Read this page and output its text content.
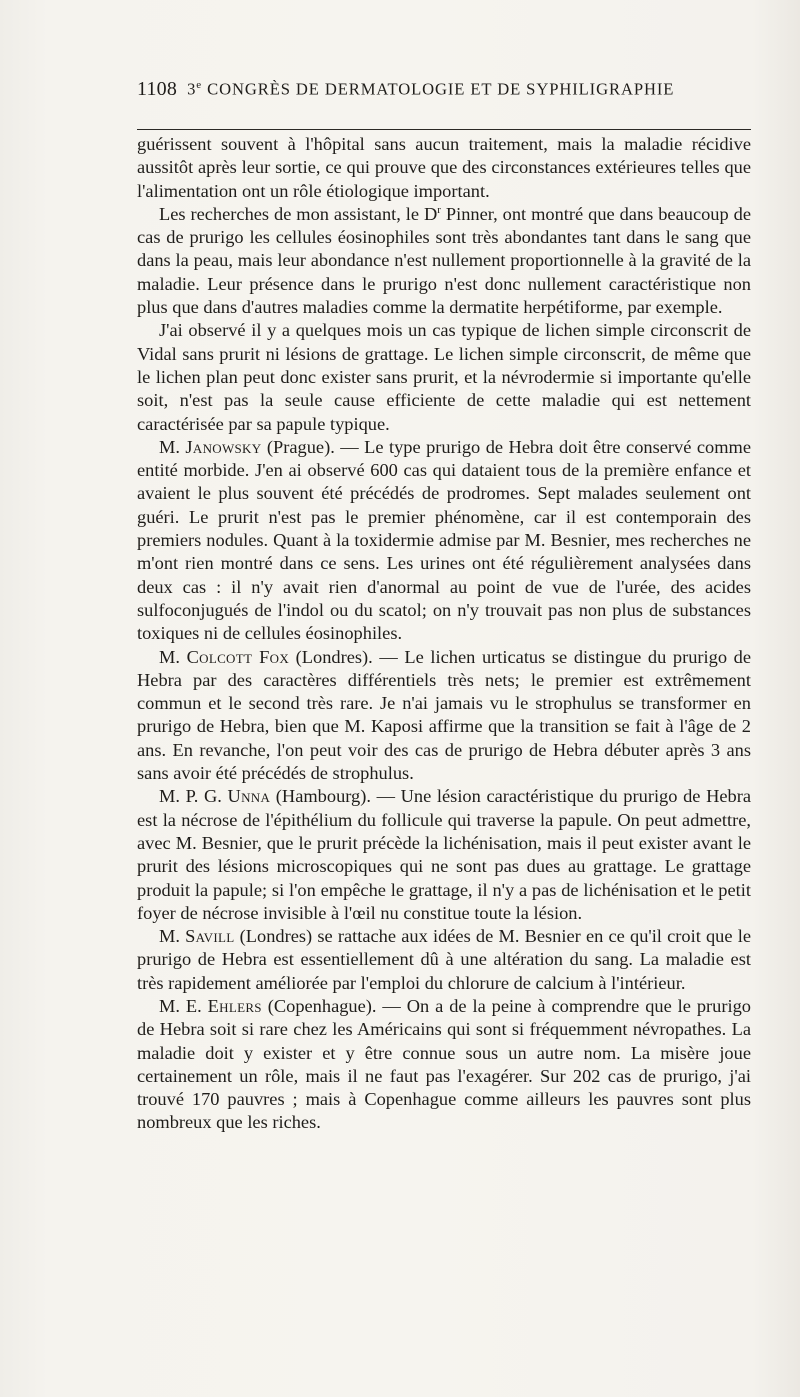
1108 3e CONGRÈS DE DERMATOLOGIE ET DE SYPHILIGRAPHIE

guérissent souvent à l'hôpital sans aucun traitement, mais la maladie récidive aussitôt après leur sortie, ce qui prouve que des circonstances extérieures telles que l'alimentation ont un rôle étiologique important.

Les recherches de mon assistant, le $D^r$ Pinner, ont montré que dans beaucoup de cas de prurigo les cellules éosinophiles sont très abondantes tant dans le sang que dans la peau, mais leur abondance n'est nullement proportionnelle à la gravité de la maladie. Leur présence dans le prurigo n'est donc nullement caractéristique non plus que dans d'autres maladies comme la dermatite herpétiforme, par exemple.

J'ai observé il y a quelques mois un cas typique de lichen simple circonscrit de Vidal sans prurit ni lésions de grattage. Le lichen simple circonscrit, de même que le lichen plan peut donc exister sans prurit, et la névrodermie si importante qu'elle soit, n'est pas la seule cause efficiente de cette maladie qui est nettement caractérisée par sa papule typique.

M. Janowsky (Prague). — Le type prurigo de Hebra doit être conservé comme entité morbide. J'en ai observé 600 cas qui dataient tous de la première enfance et avaient le plus souvent été précédés de prodromes. Sept malades seulement ont guéri. Le prurit n'est pas le premier phénomène, car il est contemporain des premiers nodules. Quant à la toxidermie admise par M. Besnier, mes recherches ne m'ont rien montré dans ce sens. Les urines ont été régulièrement analysées dans deux cas : il n'y avait rien d'anormal au point de vue de l'urée, des acides sulfoconjugués de l'indol ou du scatol; on n'y trouvait pas non plus de substances toxiques ni de cellules éosinophiles.

M. Colcott Fox (Londres). — Le lichen urticatus se distingue du prurigo de Hebra par des caractères différentiels très nets; le premier est extrêmement commun et le second très rare. Je n'ai jamais vu le strophulus se transformer en prurigo de Hebra, bien que M. Kaposi affirme que la transition se fait à l'âge de 2 ans. En revanche, l'on peut voir des cas de prurigo de Hebra débuter après 3 ans sans avoir été précédés de strophulus.

M. P. G. Unna (Hambourg). — Une lésion caractéristique du prurigo de Hebra est la nécrose de l'épithélium du follicule qui traverse la papule. On peut admettre, avec M. Besnier, que le prurit précède la lichénisation, mais il peut exister avant le prurit des lésions microscopiques qui ne sont pas dues au grattage. Le grattage produit la papule; si l'on empêche le grattage, il n'y a pas de lichénisation et le petit foyer de nécrose invisible à l'œil nu constitue toute la lésion.

M. Savill (Londres) se rattache aux idées de M. Besnier en ce qu'il croit que le prurigo de Hebra est essentiellement dû à une altération du sang. La maladie est très rapidement améliorée par l'emploi du chlorure de calcium à l'intérieur.

M. E. Ehlers (Copenhague). — On a de la peine à comprendre que le prurigo de Hebra soit si rare chez les Américains qui sont si fréquemment névropathes. La maladie doit y exister et y être connue sous un autre nom. La misère joue certainement un rôle, mais il ne faut pas l'exagérer. Sur 202 cas de prurigo, j'ai trouvé 170 pauvres ; mais à Copenhague comme ailleurs les pauvres sont plus nombreux que les riches.
